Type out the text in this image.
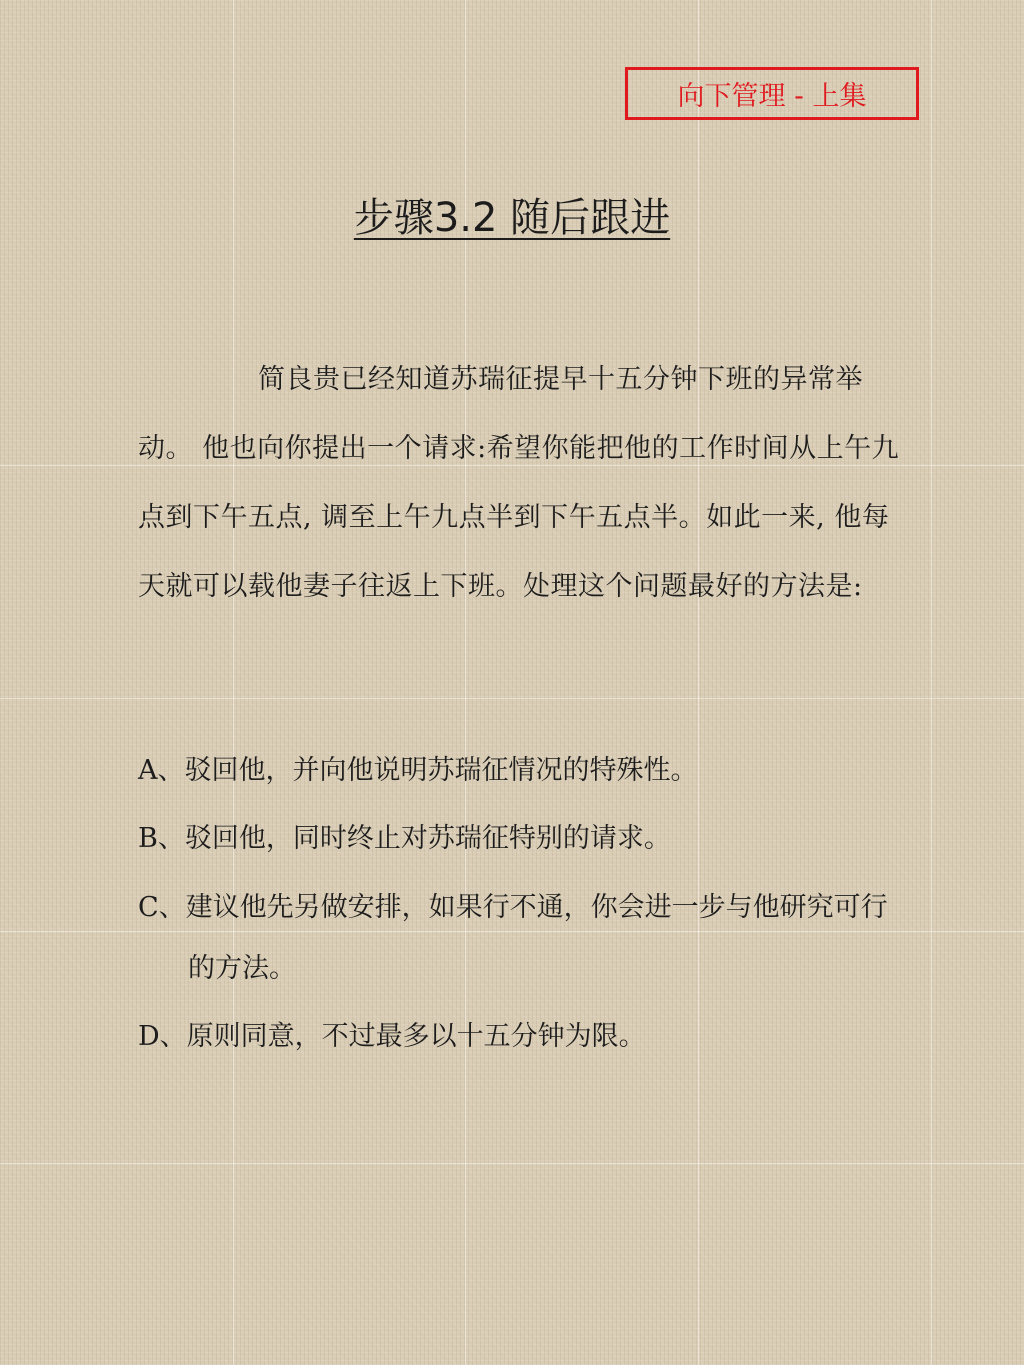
向下管理 - 上集
步骤3.2 随后跟进

简良贵已经知道苏瑞征提早十五分钟下班的异常举动。 他也向你提出一个请求:希望你能把他的工作时间从上午九点到下午五点, 调至上午九点半到下午五点半。如此一来, 他每天就可以载他妻子往返上下班。处理这个问题最好的方法是:

A、驳回他，并向他说明苏瑞征情况的特殊性。
B、驳回他，同时终止对苏瑞征特别的请求。
C、建议他先另做安排，如果行不通，你会进一步与他研究可行的方法。
D、原则同意，不过最多以十五分钟为限。
